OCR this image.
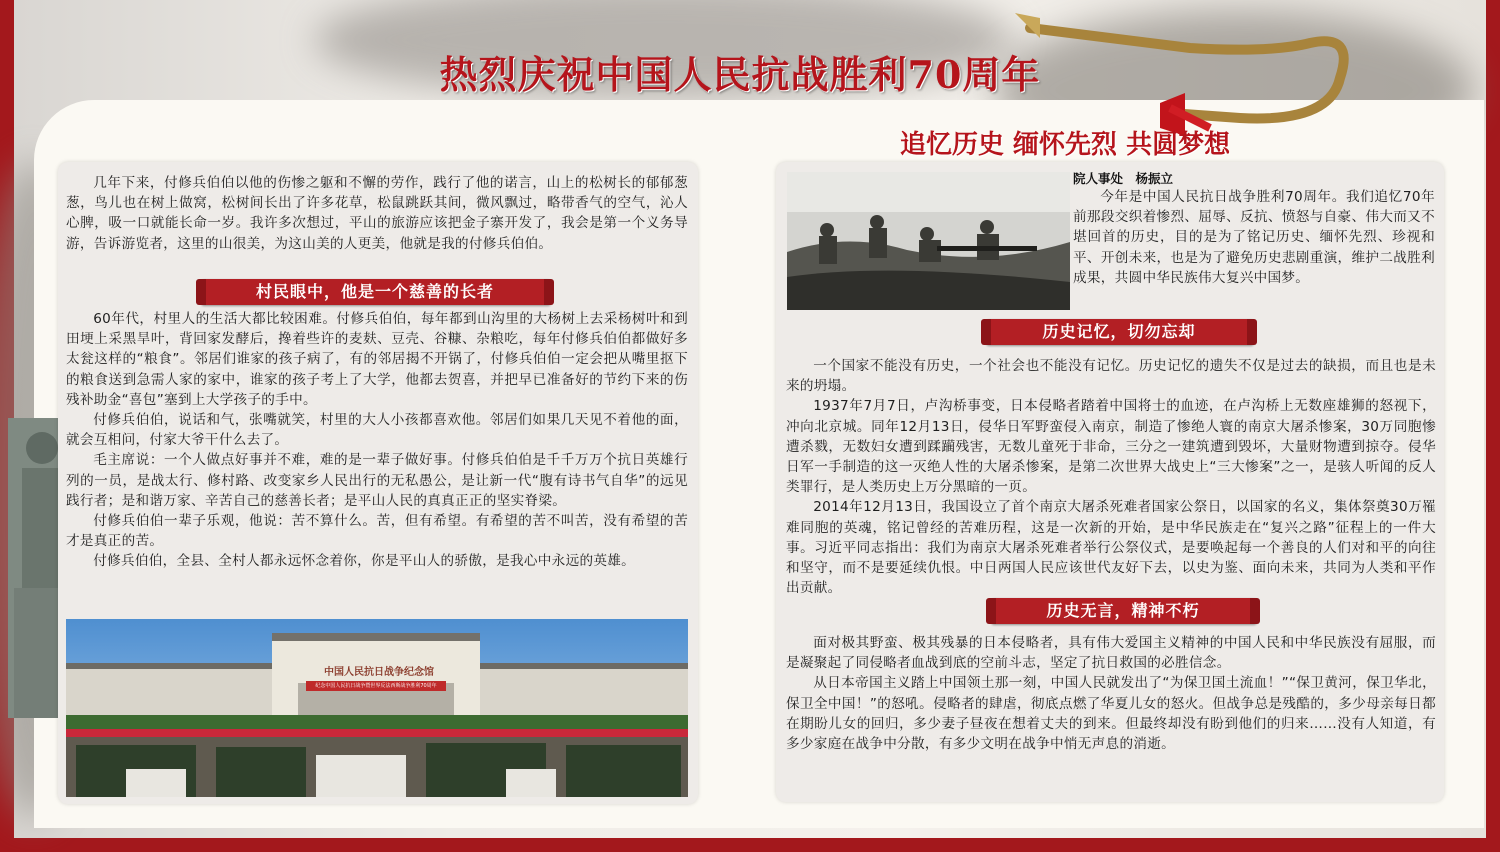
热烈庆祝中国人民抗战胜利70周年
追忆历史 缅怀先烈 共圆梦想

几年下来，付修兵伯伯以他的伤惨之躯和不懈的劳作，践行了他的诺言，山上的松树长的郁郁葱葱，鸟儿也在树上做窝，松树间长出了许多花草，松鼠跳跃其间，微风飘过，略带香气的空气，沁人心脾，吸一口就能长命一岁。我许多次想过，平山的旅游应该把金子寨开发了，我会是第一个义务导游，告诉游览者，这里的山很美，为这山美的人更美，他就是我的付修兵伯伯。

村民眼中，他是一个慈善的长者

60年代，村里人的生活大都比较困难。付修兵伯伯，每年都到山沟里的大杨树上去采杨树叶和到田埂上采黑旱叶，背回家发酵后，搀着些许的麦麸、豆壳、谷糠、杂粮吃，每年付修兵伯伯都做好多太瓮这样的“粮食”。邻居们谁家的孩子病了，有的邻居揭不开锅了，付修兵伯伯一定会把从嘴里抠下的粮食送到急需人家的家中，谁家的孩子考上了大学，他都去贺喜，并把早已准备好的节约下来的伤残补助金“喜包”塞到上大学孩子的手中。
付修兵伯伯，说话和气，张嘴就笑，村里的大人小孩都喜欢他。邻居们如果几天见不着他的面，就会互相问，付家大爷干什么去了。
毛主席说：一个人做点好事并不难，难的是一辈子做好事。付修兵伯伯是千千万万个抗日英雄行列的一员，是战太行、修村路、改变家乡人民出行的无私愚公，是让新一代“腹有诗书气自华”的远见践行者；是和谐万家、辛苦自己的慈善长者；是平山人民的真真正正的坚实脊梁。
付修兵伯伯一辈子乐观，他说：苦不算什么。苦，但有希望。有希望的苦不叫苦，没有希望的苦才是真正的苦。
付修兵伯伯，全县、全村人都永远怀念着你，你是平山人的骄傲，是我心中永远的英雄。

中国人民抗日战争纪念馆
纪念中国人民抗日战争暨世界反法西斯战争胜利70周年

院人事处　杨振立

今年是中国人民抗日战争胜利70周年。我们追忆70年前那段交织着惨烈、屈辱、反抗、愤怒与自豪、伟大而又不堪回首的历史，目的是为了铭记历史、缅怀先烈、珍视和平、开创未来，也是为了避免历史悲剧重演，维护二战胜利成果，共圆中华民族伟大复兴中国梦。

历史记忆，切勿忘却

一个国家不能没有历史，一个社会也不能没有记忆。历史记忆的遗失不仅是过去的缺损，而且也是未来的坍塌。
1937年7月7日，卢沟桥事变，日本侵略者踏着中国将士的血迹，在卢沟桥上无数座雄狮的怒视下，冲向北京城。同年12月13日，侵华日军野蛮侵入南京，制造了惨绝人寰的南京大屠杀惨案，30万同胞惨遭杀戮，无数妇女遭到蹂躏残害，无数儿童死于非命，三分之一建筑遭到毁坏，大量财物遭到掠夺。侵华日军一手制造的这一灭绝人性的大屠杀惨案，是第二次世界大战史上“三大惨案”之一，是骇人听闻的反人类罪行，是人类历史上万分黑暗的一页。
2014年12月13日，我国设立了首个南京大屠杀死难者国家公祭日，以国家的名义，集体祭奠30万罹难同胞的英魂，铭记曾经的苦难历程，这是一次新的开始，是中华民族走在“复兴之路”征程上的一件大事。习近平同志指出：我们为南京大屠杀死难者举行公祭仪式，是要唤起每一个善良的人们对和平的向往和坚守，而不是要延续仇恨。中日两国人民应该世代友好下去，以史为鉴、面向未来，共同为人类和平作出贡献。

历史无言，精神不朽

面对极其野蛮、极其残暴的日本侵略者，具有伟大爱国主义精神的中国人民和中华民族没有屈服，而是凝聚起了同侵略者血战到底的空前斗志，坚定了抗日救国的必胜信念。
从日本帝国主义踏上中国领土那一刻，中国人民就发出了“为保卫国土流血！”“保卫黄河，保卫华北，保卫全中国！”的怒吼。侵略者的肆虐，彻底点燃了华夏儿女的怒火。但战争总是残酷的，多少母亲每日都在期盼儿女的回归，多少妻子昼夜在想着丈夫的到来。但最终却没有盼到他们的归来……没有人知道，有多少家庭在战争中分散，有多少文明在战争中悄无声息的消逝。
